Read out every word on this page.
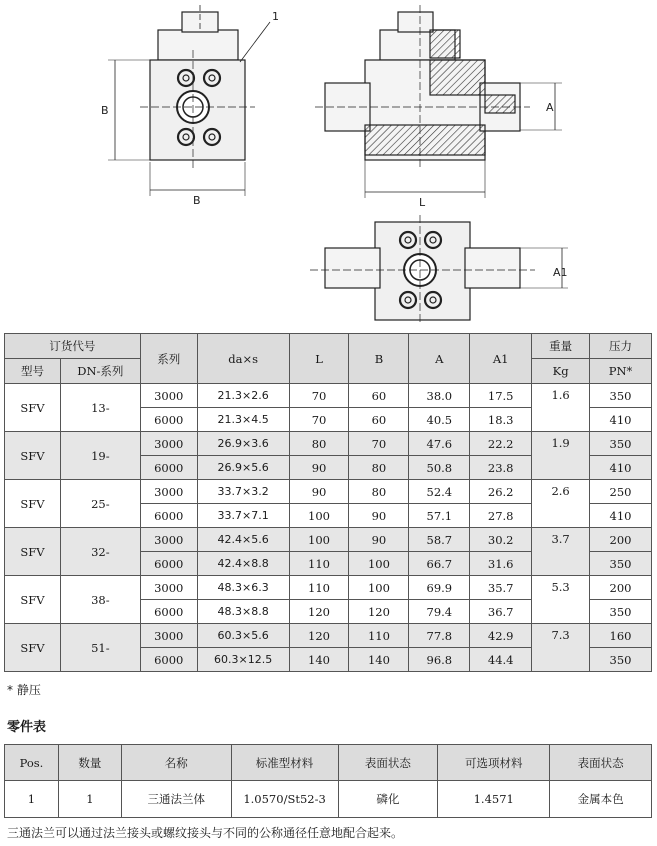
1
B
B	L
A
A1
订货代号		系列	da×s	L	B	A	A1	重量	压力
型号	DN-系列							Kg	PN*
SFV	13-	3000	21.3×2.6	70	60	38.0	17.5	1.6	350
		6000	21.3×4.5	70	60	40.5	18.3		410
SFV	19-	3000	26.9×3.6	80	70	47.6	22.2	1.9	350
		6000	26.9×5.6	90	80	50.8	23.8		410
SFV	25-	3000	33.7×3.2	90	80	52.4	26.2	2.6	250
		6000	33.7×7.1	100	90	57.1	27.8		410
SFV	32-	3000	42.4×5.6	100	90	58.7	30.2	3.7	200
		6000	42.4×8.8	110	100	66.7	31.6		350
SFV	38-	3000	48.3×6.3	110	100	69.9	35.7	5.3	200
		6000	48.3×8.8	120	120	79.4	36.7		350
SFV	51-	3000	60.3×5.6	120	110	77.8	42.9	7.3	160
		6000	60.3×12.5	140	140	96.8	44.4		350
* 静压
零件表
Pos.	数量	名称	标准型材料	表面状态	可选项材料	表面状态
1	1	三通法兰体	1.0570/St52-3	磷化	1.4571	金属本色
三通法兰可以通过法兰接头或螺纹接头与不同的公称通径任意地配合起来。
